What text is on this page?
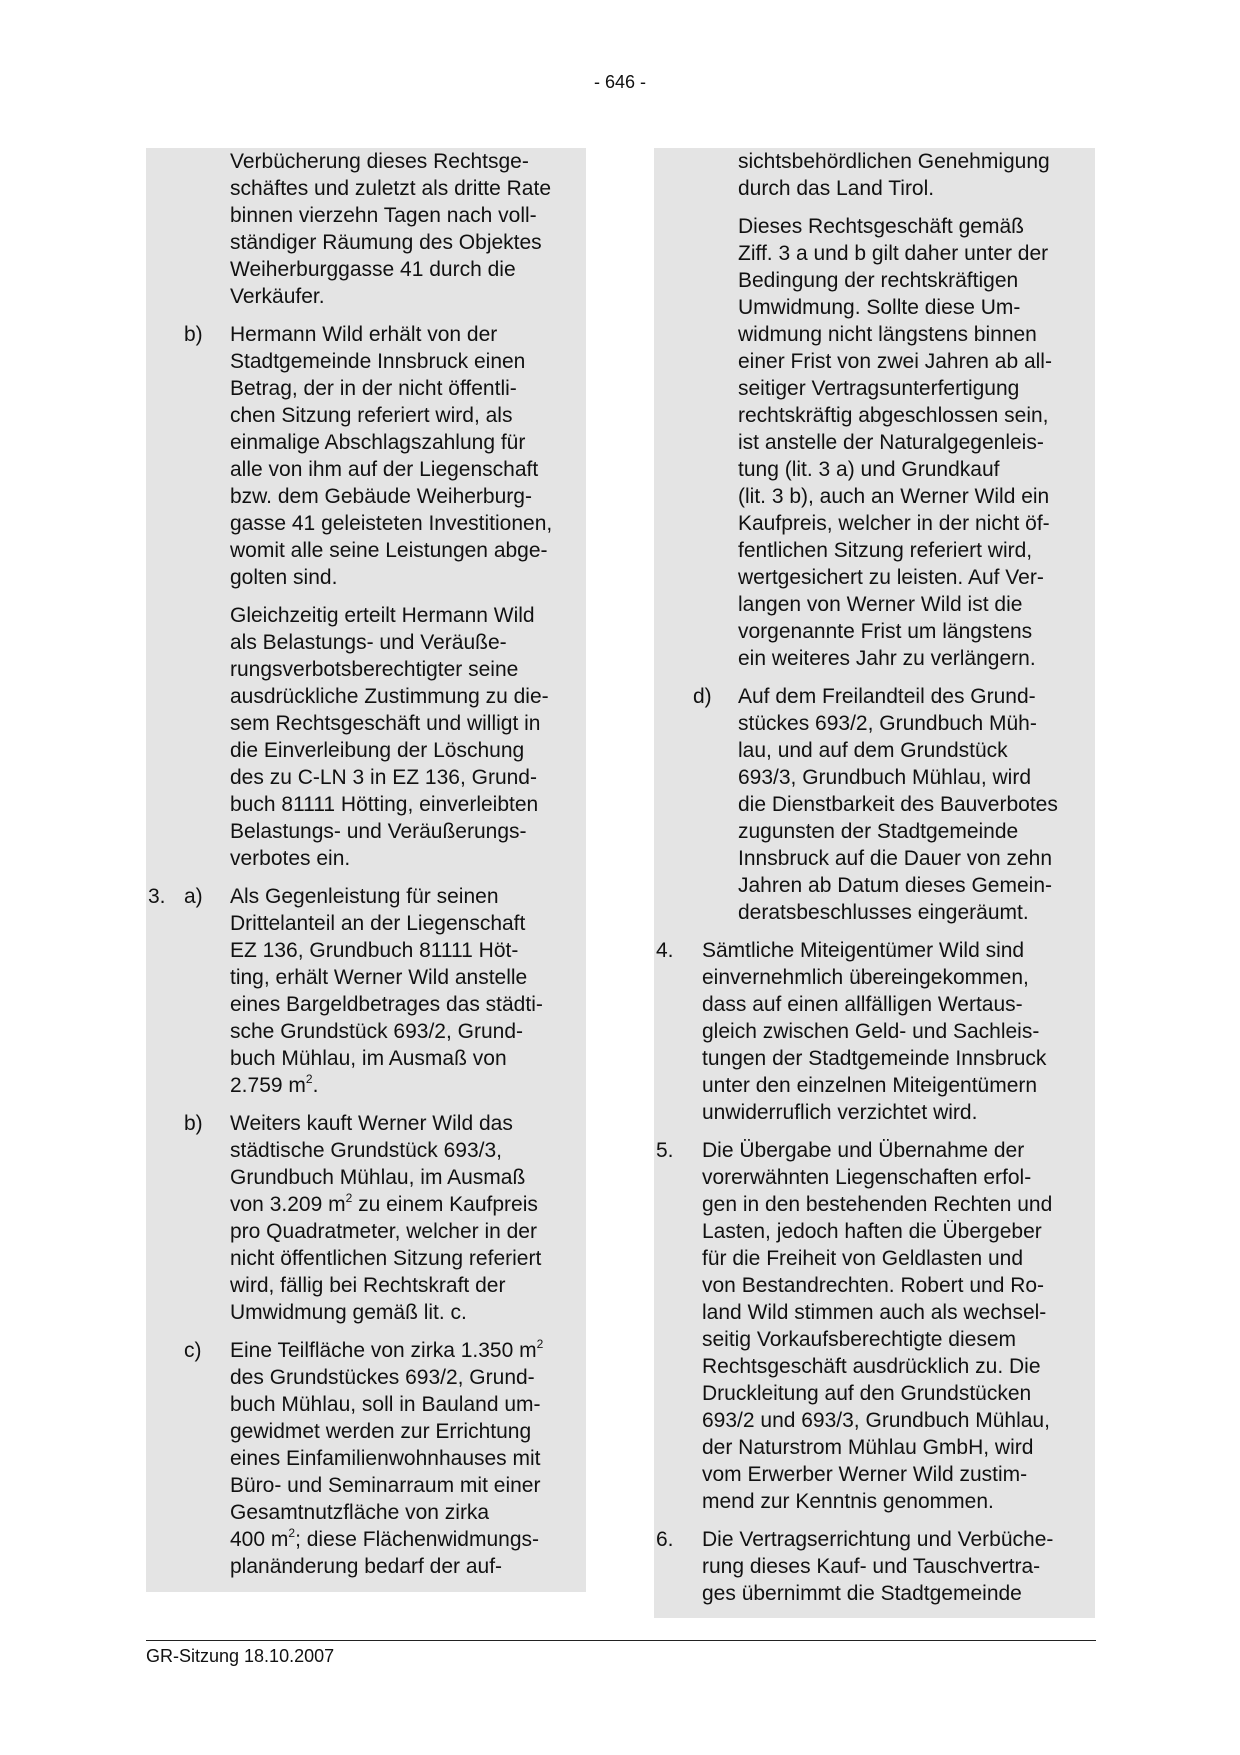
- 646 -
Verbücherung dieses Rechtsge-
schäftes und zuletzt als dritte Rate
binnen vierzehn Tagen nach voll-
ständiger Räumung des Objektes
Weiherburggasse 41 durch die
Verkäufer.
b) Hermann Wild erhält von der
Stadtgemeinde Innsbruck einen
Betrag, der in der nicht öffentli-
chen Sitzung referiert wird, als
einmalige Abschlagszahlung für
alle von ihm auf der Liegenschaft
bzw. dem Gebäude Weiherburg-
gasse 41 geleisteten Investitionen,
womit alle seine Leistungen abge-
golten sind.
Gleichzeitig erteilt Hermann Wild
als Belastungs- und Veräuße-
rungsverbotsberechtigter seine
ausdrückliche Zustimmung zu die-
sem Rechtsgeschäft und willigt in
die Einverleibung der Löschung
des zu C-LN 3 in EZ 136, Grund-
buch 81111 Hötting, einverleibten
Belastungs- und Veräußerungs-
verbotes ein.
3. a) Als Gegenleistung für seinen
Drittelanteil an der Liegenschaft
EZ 136, Grundbuch 81111 Höt-
ting, erhält Werner Wild anstelle
eines Bargeldbetrages das städti-
sche Grundstück 693/2, Grund-
buch Mühlau, im Ausmaß von
2.759 $m^2$.
b) Weiters kauft Werner Wild das
städtische Grundstück 693/3,
Grundbuch Mühlau, im Ausmaß
von 3.209 $m^2$ zu einem Kaufpreis
pro Quadratmeter, welcher in der
nicht öffentlichen Sitzung referiert
wird, fällig bei Rechtskraft der
Umwidmung gemäß lit. c.
c) Eine Teilfläche von zirka 1.350 $m^2$
des Grundstückes 693/2, Grund-
buch Mühlau, soll in Bauland um-
gewidmet werden zur Errichtung
eines Einfamilienwohnhauses mit
Büro- und Seminarraum mit einer
Gesamtnutzfläche von zirka
400 $m^2$; diese Flächenwidmungs-
planänderung bedarf der auf-
sichtsbehördlichen Genehmigung
durch das Land Tirol.
Dieses Rechtsgeschäft gemäß
Ziff. 3 a und b gilt daher unter der
Bedingung der rechtskräftigen
Umwidmung. Sollte diese Um-
widmung nicht längstens binnen
einer Frist von zwei Jahren ab all-
seitiger Vertragsunterfertigung
rechtskräftig abgeschlossen sein,
ist anstelle der Naturalgegenleis-
tung (lit. 3 a) und Grundkauf
(lit. 3 b), auch an Werner Wild ein
Kaufpreis, welcher in der nicht öf-
fentlichen Sitzung referiert wird,
wertgesichert zu leisten. Auf Ver-
langen von Werner Wild ist die
vorgenannte Frist um längstens
ein weiteres Jahr zu verlängern.
d) Auf dem Freilandteil des Grund-
stückes 693/2, Grundbuch Müh-
lau, und auf dem Grundstück
693/3, Grundbuch Mühlau, wird
die Dienstbarkeit des Bauverbotes
zugunsten der Stadtgemeinde
Innsbruck auf die Dauer von zehn
Jahren ab Datum dieses Gemein-
deratsbeschlusses eingeräumt.
4. Sämtliche Miteigentümer Wild sind
einvernehmlich übereingekommen,
dass auf einen allfälligen Wertaus-
gleich zwischen Geld- und Sachleis-
tungen der Stadtgemeinde Innsbruck
unter den einzelnen Miteigentümern
unwiderruflich verzichtet wird.
5. Die Übergabe und Übernahme der
vorerwähnten Liegenschaften erfol-
gen in den bestehenden Rechten und
Lasten, jedoch haften die Übergeber
für die Freiheit von Geldlasten und
von Bestandrechten. Robert und Ro-
land Wild stimmen auch als wechsel-
seitig Vorkaufsberechtigte diesem
Rechtsgeschäft ausdrücklich zu. Die
Druckleitung auf den Grundstücken
693/2 und 693/3, Grundbuch Mühlau,
der Naturstrom Mühlau GmbH, wird
vom Erwerber Werner Wild zustim-
mend zur Kenntnis genommen.
6. Die Vertragserrichtung und Verbüche-
rung dieses Kauf- und Tauschvertra-
ges übernimmt die Stadtgemeinde
GR-Sitzung 18.10.2007
